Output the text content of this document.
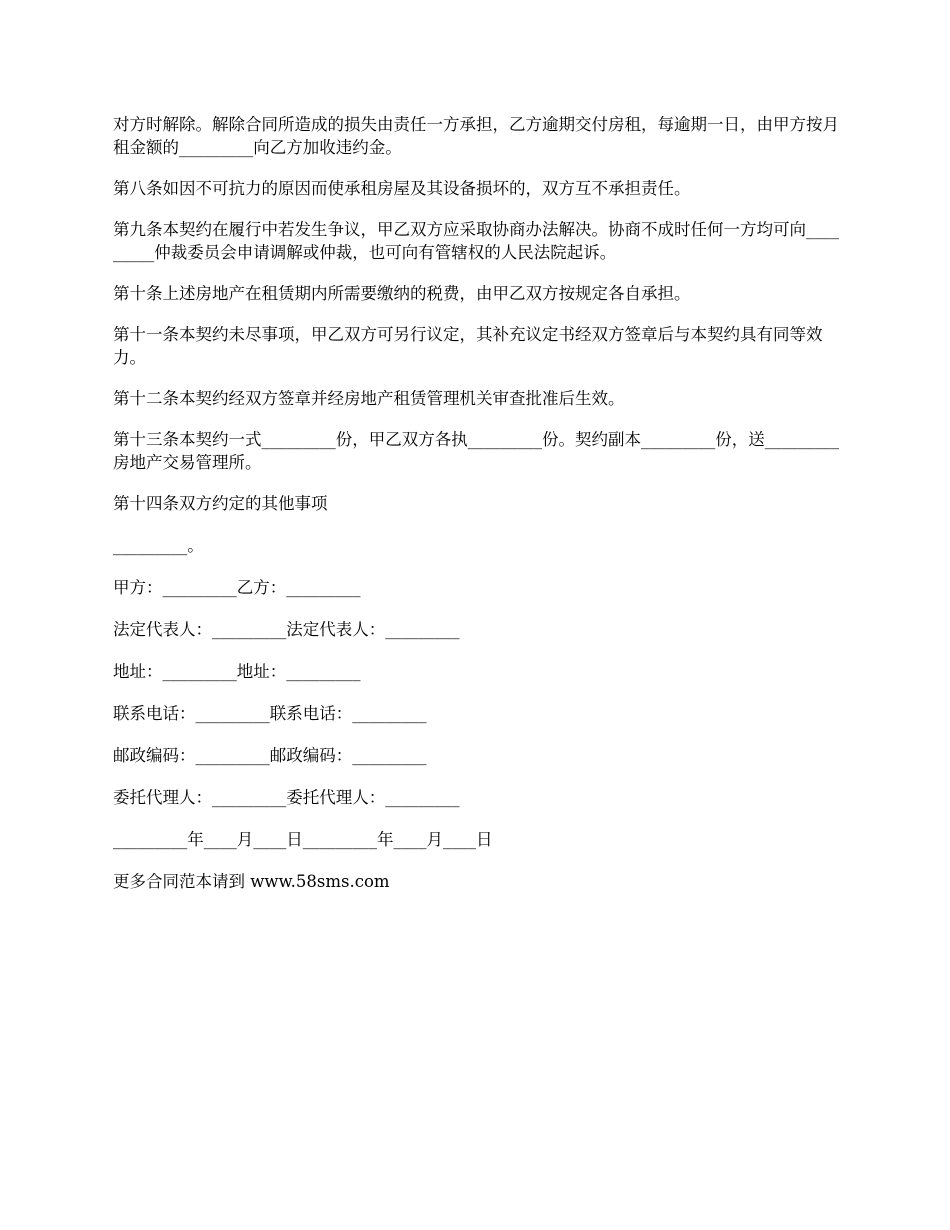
对方时解除。解除合同所造成的损失由责任一方承担，乙方逾期交付房租，每逾期一日，由甲方按月租金额的_________向乙方加收违约金。

第八条如因不可抗力的原因而使承租房屋及其设备损坏的，双方互不承担责任。

第九条本契约在履行中若发生争议，甲乙双方应采取协商办法解决。协商不成时任何一方均可向_________仲裁委员会申请调解或仲裁，也可向有管辖权的人民法院起诉。

第十条上述房地产在租赁期内所需要缴纳的税费，由甲乙双方按规定各自承担。

第十一条本契约未尽事项，甲乙双方可另行议定，其补充议定书经双方签章后与本契约具有同等效力。

第十二条本契约经双方签章并经房地产租赁管理机关审查批准后生效。

第十三条本契约一式_________份，甲乙双方各执_________份。契约副本_________份，送_________房地产交易管理所。

第十四条双方约定的其他事项

_________。

甲方：_________乙方：_________

法定代表人：_________法定代表人：_________

地址：_________地址：_________

联系电话：_________联系电话：_________

邮政编码：_________邮政编码：_________

委托代理人：_________委托代理人：_________

_________年____月____日_________年____月____日

更多合同范本请到 www.58sms.com
